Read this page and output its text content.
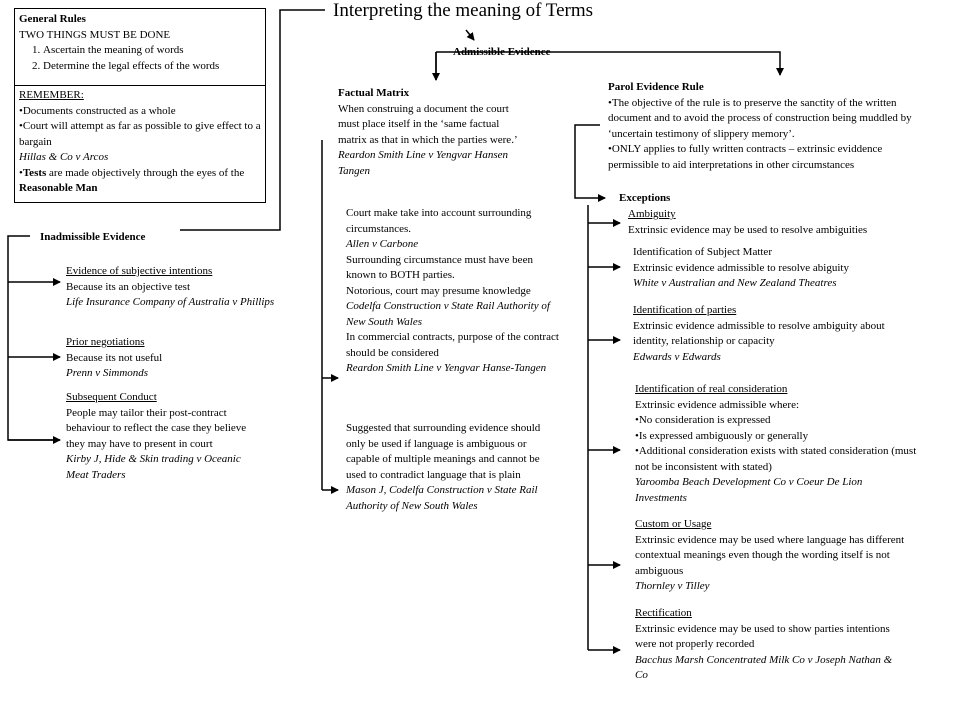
Interpreting the meaning of Terms
General Rules
TWO THINGS MUST BE DONE
1. Ascertain the meaning of words
2. Determine the legal effects of the words
REMEMBER:
• Documents constructed as a whole
• Court will attempt as far as possible to give effect to a bargain
Hillas & Co v Arcos
• Tests are made objectively through the eyes of the Reasonable Man
Admissible Evidence
Inadmissible Evidence
Evidence of subjective intentions
Because its an objective test
Life Insurance Company of Australia v Phillips
Prior negotiations
Because its not useful
Prenn v Simmonds
Subsequent Conduct
People may tailor their post-contract behaviour to reflect the case they believe they may have to present in court
Kirby J, Hide & Skin trading v Oceanic Meat Traders
Factual Matrix
When construing a document the court must place itself in the ‘same factual matrix as that in which the parties were.’
Reardon Smith Line v Yengvar Hansen Tangen
Court make take into account surrounding circumstances.
Allen v Carbone
Surrounding circumstance must have been known to BOTH parties.
Notorious, court may presume knowledge
Codelfa Construction v State Rail Authority of New South Wales
In commercial contracts, purpose of the contract should be considered
Reardon Smith Line v Yengvar Hanse-Tangen
Suggested that surrounding evidence should only be used if language is ambiguous or capable of multiple meanings and cannot be used to contradict language that is plain
Mason J, Codelfa Construction v State Rail Authority of New South Wales
Parol Evidence Rule
• The objective of the rule is to preserve the sanctity of the written document and to avoid the process of construction being muddled by ‘uncertain testimony of slippery memory’.
• ONLY applies to fully written contracts – extrinsic eviddence permissible to aid interpretations in other circumstances
Exceptions
Ambiguity
Extrinsic evidence may be used to resolve ambiguities
Identification of Subject Matter
Extrinsic evidence admissible to resolve abiguity
White v Australian and New Zealand Theatres
Identification of parties
Extrinsic evidence admissible to resolve ambiguity about identity, relationship or capacity
Edwards v Edwards
Identification of real consideration
Extrinsic evidence admissible where:
• No consideration is expressed
• Is expressed ambiguously or generally
• Additional consideration exists with stated consideration (must not be inconsistent with stated)
Yaroomba Beach Development Co v Coeur De Lion Investments
Custom or Usage
Extrinsic evidence may be used where language has different contextual meanings even though the wording itself is not ambiguous
Thornley v Tilley
Rectification
Extrinsic evidence may be used to show parties intentions were not properly recorded
Bacchus Marsh Concentrated Milk Co v Joseph Nathan & Co
